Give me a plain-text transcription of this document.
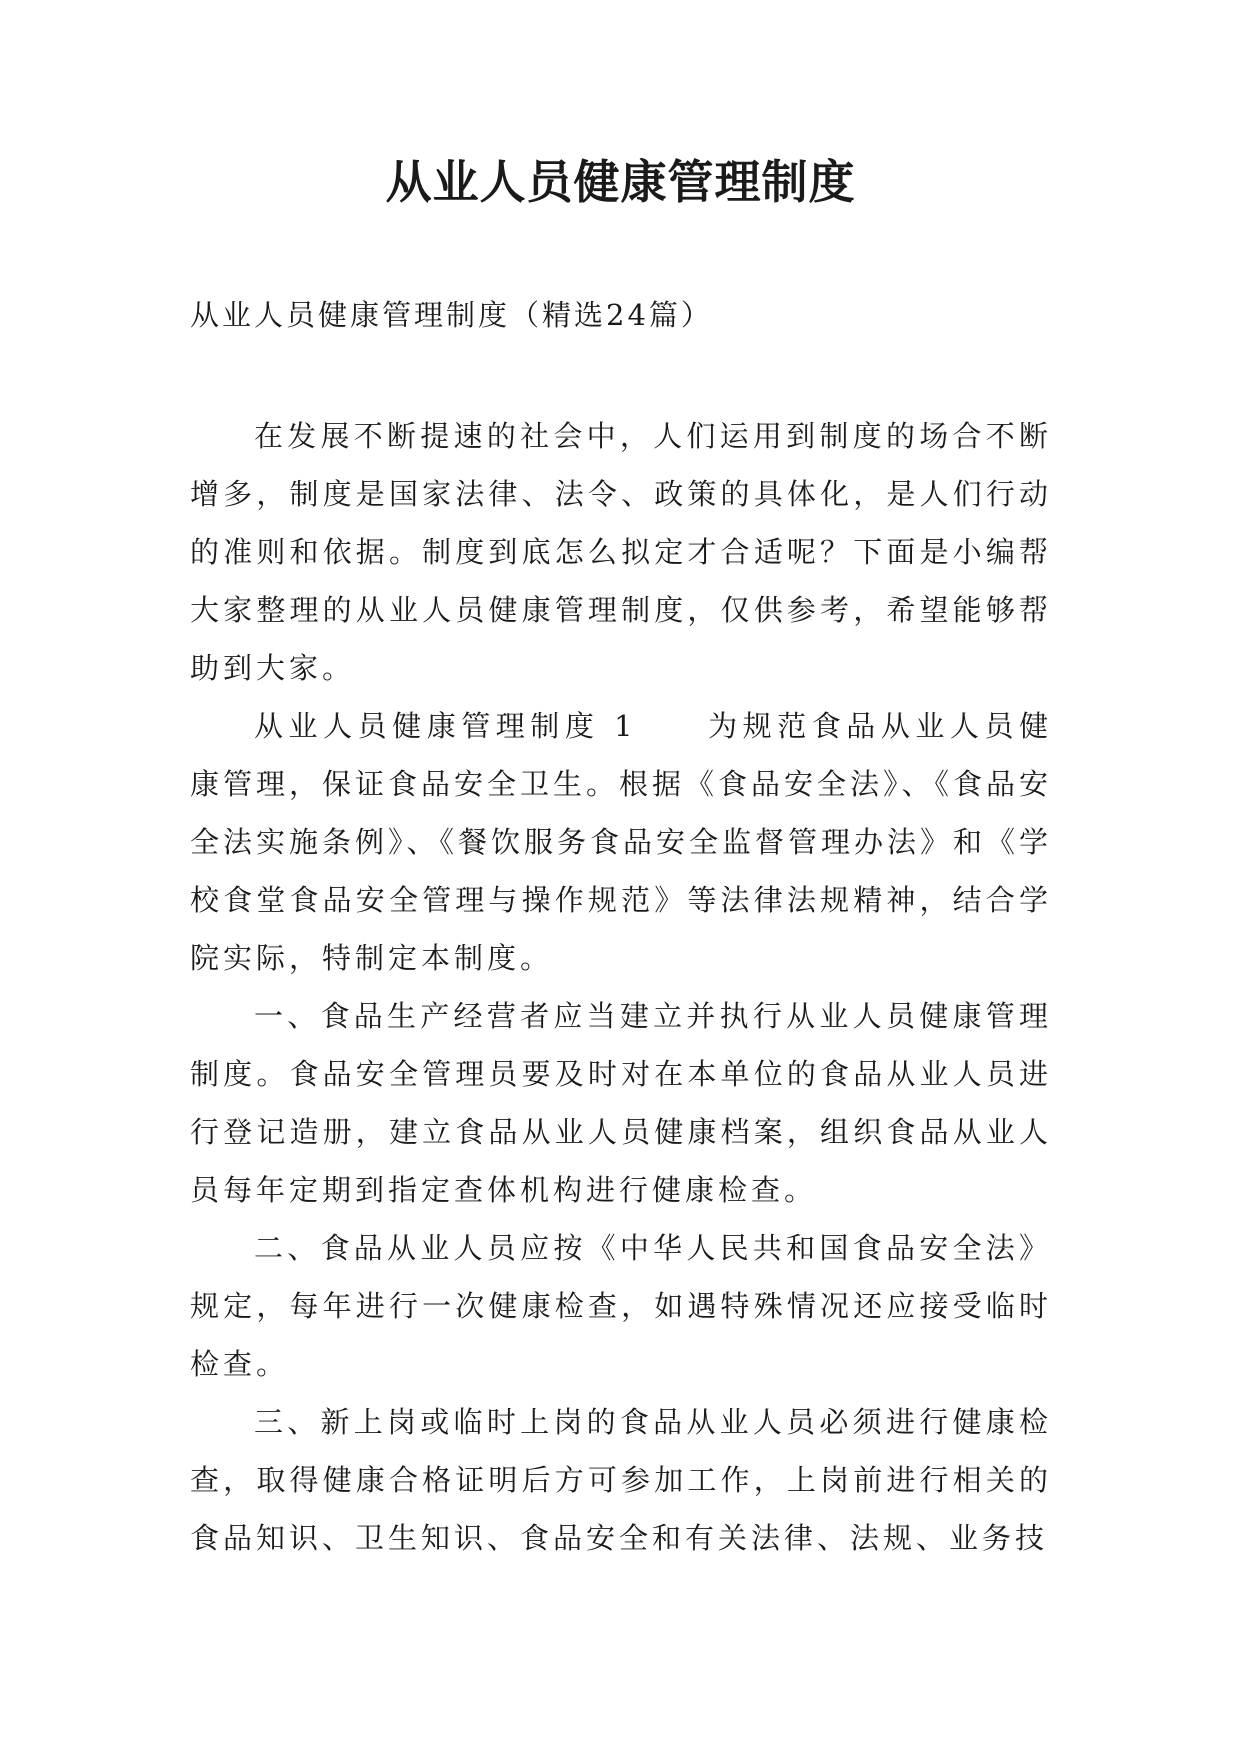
从业人员健康管理制度

从业人员健康管理制度（精选24篇）

在发展不断提速的社会中，人们运用到制度的场合不断增多，制度是国家法律、法令、政策的具体化，是人们行动的准则和依据。制度到底怎么拟定才合适呢？下面是小编帮大家整理的从业人员健康管理制度，仅供参考，希望能够帮助到大家。

从业人员健康管理制度 1 为规范食品从业人员健康管理，保证食品安全卫生。根据《食品安全法》、《食品安全法实施条例》、《餐饮服务食品安全监督管理办法》和《学校食堂食品安全管理与操作规范》等法律法规精神，结合学院实际，特制定本制度。

一、食品生产经营者应当建立并执行从业人员健康管理制度。食品安全管理员要及时对在本单位的食品从业人员进行登记造册，建立食品从业人员健康档案，组织食品从业人员每年定期到指定查体机构进行健康检查。

二、食品从业人员应按《中华人民共和国食品安全法》规定，每年进行一次健康检查，如遇特殊情况还应接受临时检查。

三、新上岗或临时上岗的食品从业人员必须进行健康检查，取得健康合格证明后方可参加工作，上岗前进行相关的食品知识、卫生知识、食品安全和有关法律、法规、业务技
